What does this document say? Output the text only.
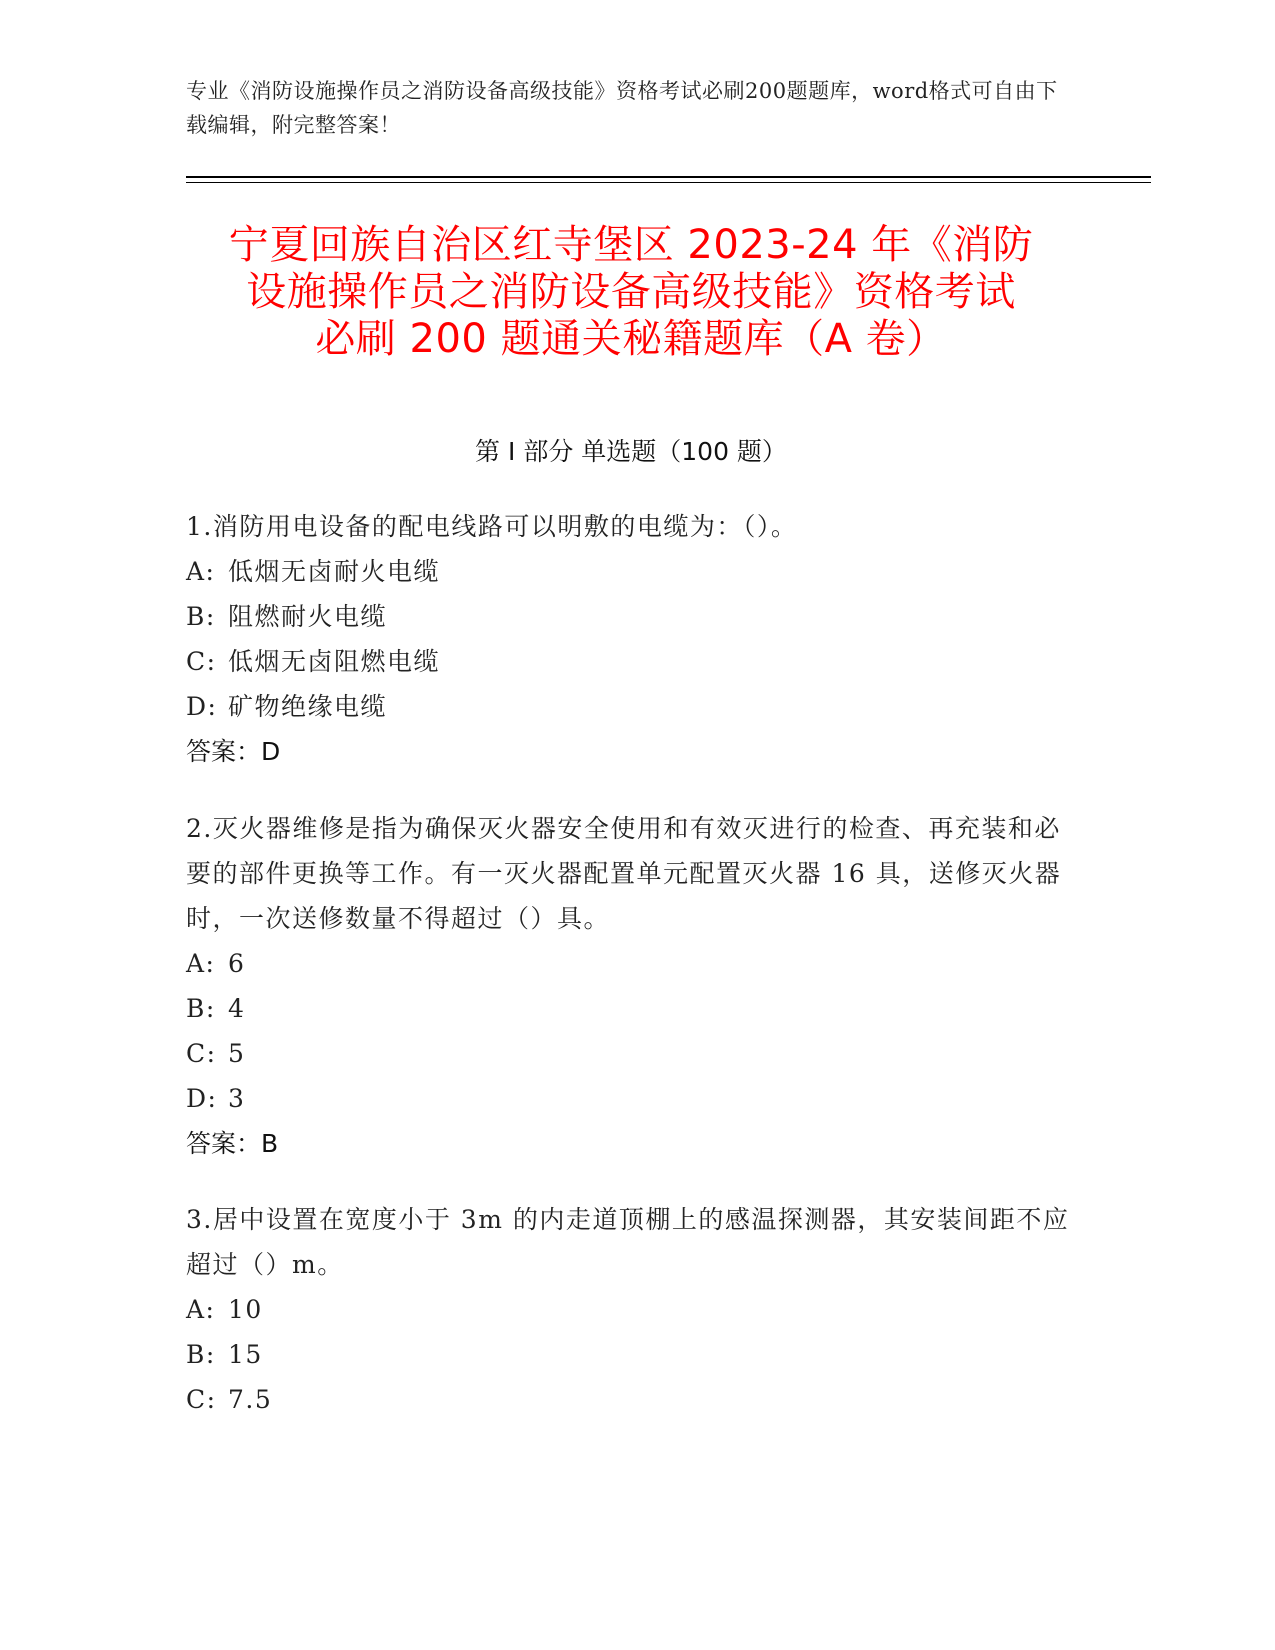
专业《消防设施操作员之消防设备高级技能》资格考试必刷200题题库，word格式可自由下载编辑，附完整答案！
宁夏回族自治区红寺堡区 2023-24 年《消防
设施操作员之消防设备高级技能》资格考试
必刷 200 题通关秘籍题库（A 卷）
第 I 部分 单选题（100 题）

1.消防用电设备的配电线路可以明敷的电缆为：（）。

A: 低烟无卤耐火电缆

B: 阻燃耐火电缆

C: 低烟无卤阻燃电缆

D: 矿物绝缘电缆

答案：D

2.灭火器维修是指为确保灭火器安全使用和有效灭进行的检查、再充装和必要的部件更换等工作。有一灭火器配置单元配置灭火器 16 具，送修灭火器时，一次送修数量不得超过（）具。

A: 6

B: 4

C: 5

D: 3

答案：B

3.居中设置在宽度小于 3m 的内走道顶棚上的感温探测器，其安装间距不应超过（）m。

A: 10

B: 15

C: 7.5
